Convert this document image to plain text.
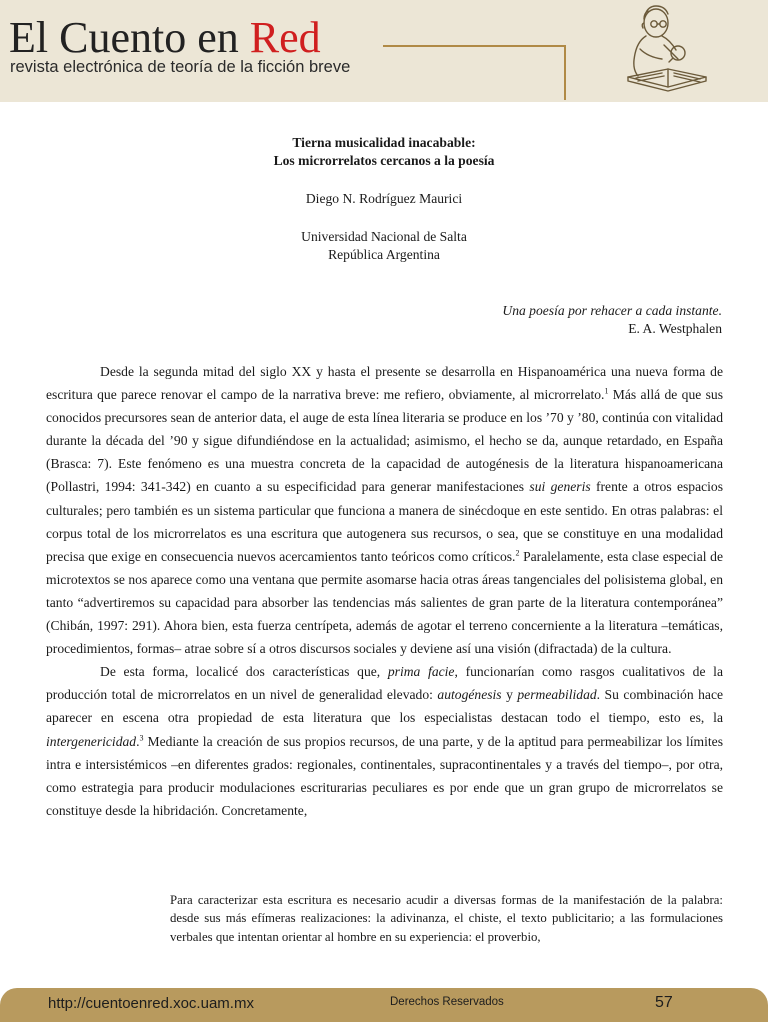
El Cuento en Red
revista electrónica de teoría de la ficción breve
Tierna musicalidad inacabable:
Los microrrelatos cercanos a la poesía
Diego N. Rodríguez Maurici
Universidad Nacional de Salta
República Argentina
Una poesía por rehacer a cada instante.
E. A. Westphalen

Desde la segunda mitad del siglo XX y hasta el presente se desarrolla en Hispanoamérica una nueva forma de escritura que parece renovar el campo de la narrativa breve: me refiero, obviamente, al microrrelato.$^1$ Más allá de que sus conocidos precursores sean de anterior data, el auge de esta línea literaria se produce en los ’70 y ’80, continúa con vitalidad durante la década del ’90 y sigue difundiéndose en la actualidad; asimismo, el hecho se da, aunque retardado, en España (Brasca: 7). Este fenómeno es una muestra concreta de la capacidad de autogénesis de la literatura hispanoamericana (Pollastri, 1994: 341-342) en cuanto a su especificidad para generar manifestaciones sui generis frente a otros espacios culturales; pero también es un sistema particular que funciona a manera de sinécdoque en este sentido. En otras palabras: el corpus total de los microrrelatos es una escritura que autogenera sus recursos, o sea, que se constituye en una modalidad precisa que exige en consecuencia nuevos acercamientos tanto teóricos como críticos.$^2$ Paralelamente, esta clase especial de microtextos se nos aparece como una ventana que permite asomarse hacia otras áreas tangenciales del polisistema global, en tanto “advertiremos su capacidad para absorber las tendencias más salientes de gran parte de la literatura contemporánea” (Chibán, 1997: 291). Ahora bien, esta fuerza centrípeta, además de agotar el terreno concerniente a la literatura –temáticas, procedimientos, formas– atrae sobre sí a otros discursos sociales y deviene así una visión (difractada) de la cultura.

De esta forma, localicé dos características que, prima facie, funcionarían como rasgos cualitativos de la producción total de microrrelatos en un nivel de generalidad elevado: autogénesis y permeabilidad. Su combinación hace aparecer en escena otra propiedad de esta literatura que los especialistas destacan todo el tiempo, esto es, la intergenericidad.$^3$ Mediante la creación de sus propios recursos, de una parte, y de la aptitud para permeabilizar los límites intra e intersistémicos –en diferentes grados: regionales, continentales, supracontinentales y a través del tiempo–, por otra, como estrategia para producir modulaciones escriturarias peculiares es por ende que un gran grupo de microrrelatos se constituye desde la hibridación. Concretamente,

Para caracterizar esta escritura es necesario acudir a diversas formas de la manifestación de la palabra: desde sus más efímeras realizaciones: la adivinanza, el chiste, el texto publicitario; a las formulaciones verbales que intentan orientar al hombre en su experiencia: el proverbio,

http://cuentoenred.xoc.uam.mx	Derechos Reservados	57
